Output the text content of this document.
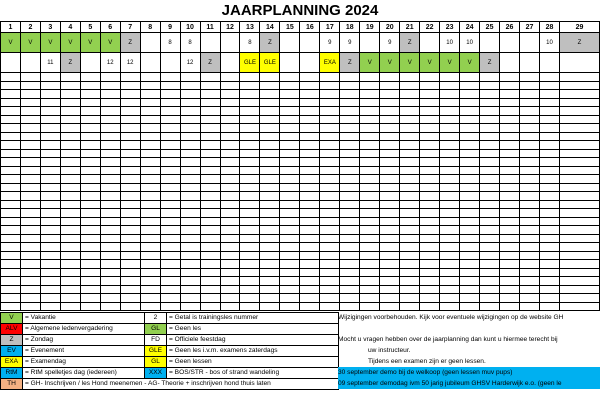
JAARPLANNING 2024
1	2	3	4	5	6	7	8	9	10	11	12	13	14	15	16	17	18	19	20	21	22	23	24	25	26	27	28	29
V	V	V	V	V	V	Z		8	8			8	Z			9	9		9	Z		10	10				10	Z
		11	Z		12	12			12	Z		GLE	GLE			EXA	Z	V	V	V	V	V	V	Z				

V	= Vakantie	2	= Getal is trainingsles nummer
ALV	= Algemene ledenvergadering	GL	= Geen les
Z	= Zondag	FD	= Officiele feestdag
EV	= Evenement	GLE	= Geen les i.v.m. examens zaterdags
EXA	= Examendag	GL	= Geen lessen
RtM	= RtM spelletjes dag (iedereen)	XXX	= BOS/STR - bos of strand wandeling
TH	= GH- Inschrijven / les Hond meenemen - AG- Theorie + inschrijven hond thuis laten		
Wijzigingen voorbehouden. Kijk voor eventuele wijzigingen op de website GH
Mocht u vragen hebben over de jaarplanning dan kunt u hiermee terecht bij
uw instructeur.
Tijdens een examen zijn er geen lessen.
30 september demo bij de welkoop (geen lessen muv pups)
09 september demodag ivm 50 jarig jubileum GHSV Harderwijk e.o. (geen le
